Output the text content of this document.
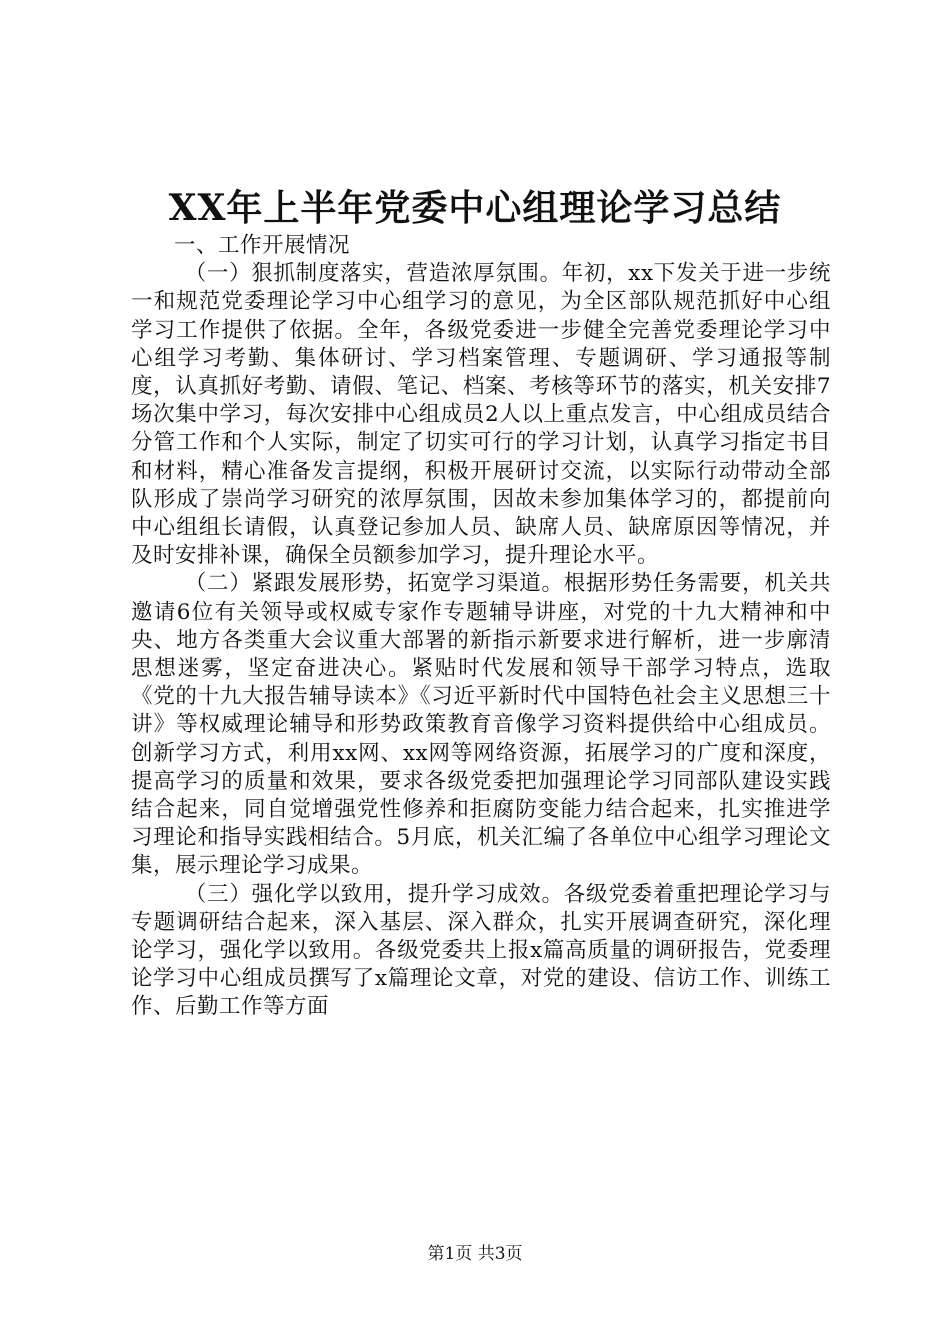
XX年上半年党委中心组理论学习总结

一、工作开展情况

（一）狠抓制度落实，营造浓厚氛围。年初，xx下发关于进一步统一和规范党委理论学习中心组学习的意见，为全区部队规范抓好中心组学习工作提供了依据。全年，各级党委进一步健全完善党委理论学习中心组学习考勤、集体研讨、学习档案管理、专题调研、学习通报等制度，认真抓好考勤、请假、笔记、档案、考核等环节的落实，机关安排7场次集中学习，每次安排中心组成员2人以上重点发言，中心组成员结合分管工作和个人实际，制定了切实可行的学习计划，认真学习指定书目和材料，精心准备发言提纲，积极开展研讨交流，以实际行动带动全部队形成了崇尚学习研究的浓厚氛围，因故未参加集体学习的，都提前向中心组组长请假，认真登记参加人员、缺席人员、缺席原因等情况，并及时安排补课，确保全员额参加学习，提升理论水平。

（二）紧跟发展形势，拓宽学习渠道。根据形势任务需要，机关共邀请6位有关领导或权威专家作专题辅导讲座，对党的十九大精神和中央、地方各类重大会议重大部署的新指示新要求进行解析，进一步廓清思想迷雾，坚定奋进决心。紧贴时代发展和领导干部学习特点，选取《党的十九大报告辅导读本》《习近平新时代中国特色社会主义思想三十讲》等权威理论辅导和形势政策教育音像学习资料提供给中心组成员。创新学习方式，利用xx网、xx网等网络资源，拓展学习的广度和深度，提高学习的质量和效果，要求各级党委把加强理论学习同部队建设实践结合起来，同自觉增强党性修养和拒腐防变能力结合起来，扎实推进学习理论和指导实践相结合。5月底，机关汇编了各单位中心组学习理论文集，展示理论学习成果。

（三）强化学以致用，提升学习成效。各级党委着重把理论学习与专题调研结合起来，深入基层、深入群众，扎实开展调查研究，深化理论学习，强化学以致用。各级党委共上报x篇高质量的调研报告，党委理论学习中心组成员撰写了x篇理论文章，对党的建设、信访工作、训练工作、后勤工作等方面

第1页 共3页
